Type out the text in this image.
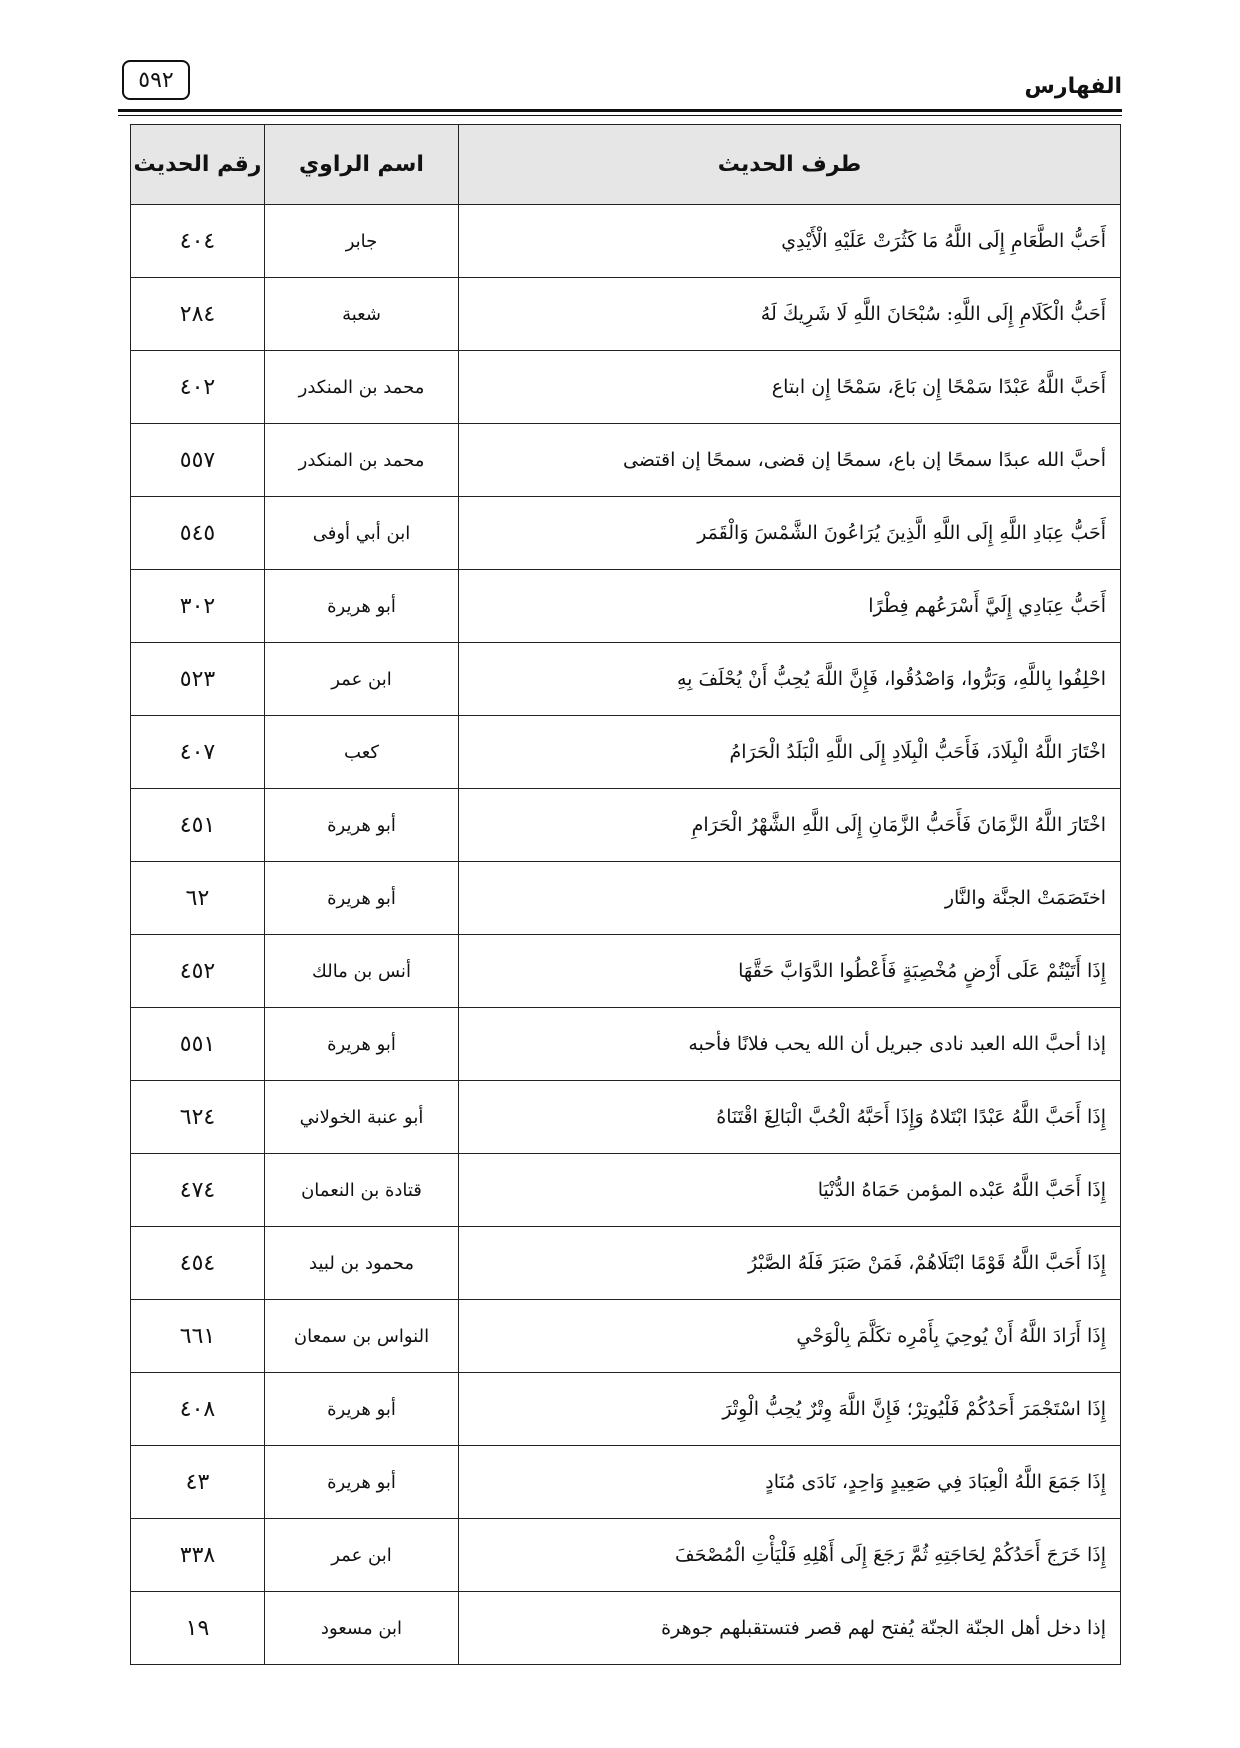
٥٩٢	الفهارس
طرف الحديث	اسم الراوي	رقم الحديث
أَحَبُّ الطَّعَامِ إِلَى اللَّهُ مَا كَثُرَتْ عَلَيْهِ الْأَيْدِي	جابر	٤٠٤
أَحَبُّ الْكَلَامِ إِلَى اللَّهِ: سُبْحَانَ اللَّهِ لَا شَرِيكَ لَهُ	شعبة	٢٨٤
أَحَبَّ اللَّهُ عَبْدًا سَمْحًا إِن بَاعَ، سَمْحًا إِن ابتاع	محمد بن المنكدر	٤٠٢
أحبَّ الله عبدًا سمحًا إن باع، سمحًا إن قضى، سمحًا إن اقتضى	محمد بن المنكدر	٥٥٧
أَحَبُّ عِبَادِ اللَّهِ إِلَى اللَّهِ الَّذِينَ يُرَاعُونَ الشَّمْسَ وَالْقَمَر	ابن أبي أوفى	٥٤٥
أَحَبُّ عِبَادِي إِلَيَّ أَسْرَعُهم فِطْرًا	أبو هريرة	٣٠٢
احْلِفُوا بِاللَّهِ، وَبَرُّوا، وَاصْدُقُوا، فَإِنَّ اللَّهَ يُحِبُّ أَنْ يُحْلَفَ بِهِ	ابن عمر	٥٢٣
اخْتَارَ اللَّهُ الْبِلَادَ، فَأَحَبُّ الْبِلَادِ إِلَى اللَّهِ الْبَلَدُ الْحَرَامُ	كعب	٤٠٧
اخْتَارَ اللَّهُ الزَّمَانَ فَأَحَبُّ الزَّمَانِ إِلَى اللَّهِ الشَّهْرُ الْحَرَامِ	أبو هريرة	٤٥١
اختَصَمَتْ الجنَّة والنَّار	أبو هريرة	٦٢
إِذَا أَتَيْتُمْ عَلَى أَرْضٍ مُخْصِبَةٍ فَأَعْطُوا الدَّوَابَّ حَقَّهَا	أنس بن مالك	٤٥٢
إذا أحبَّ الله العبد نادى جبريل أن الله يحب فلانًا فأحبه	أبو هريرة	٥٥١
إِذَا أَحَبَّ اللَّهُ عَبْدًا ابْتَلاهُ وَإِذَا أَحَبَّهُ الْحُبَّ الْبَالِغَ اقْتَنَاهُ	أبو عنبة الخولاني	٦٢٤
إِذَا أَحَبَّ اللَّهُ عَبْده المؤمن حَمَاهُ الدُّنْيَا	قتادة بن النعمان	٤٧٤
إِذَا أَحَبَّ اللَّهُ قَوْمًا ابْتَلَاهُمْ، فَمَنْ صَبَرَ فَلَهُ الصَّبْرُ	محمود بن لبيد	٤٥٤
إِذَا أَرَادَ اللَّهُ أَنْ يُوحِيَ بِأَمْرِه تكَلَّمَ بِالْوَحْيِ	النواس بن سمعان	٦٦١
إِذَا اسْتَجْمَرَ أَحَدُكُمْ فَلْيُوتِرْ؛ فَإِنَّ اللَّهَ وِتْرٌ يُحِبُّ الْوِتْرَ	أبو هريرة	٤٠٨
إِذَا جَمَعَ اللَّهُ الْعِبَادَ فِي صَعِيدٍ وَاحِدٍ، نَادَى مُنَادٍ	أبو هريرة	٤٣
إِذَا خَرَجَ أَحَدُكُمْ لِحَاجَتِهِ ثُمَّ رَجَعَ إِلَى أَهْلِهِ فَلْيَأْتِ الْمُصْحَفَ	ابن عمر	٣٣٨
إذا دخل أهل الجنّة الجنّة يُفتح لهم قصر فتستقبلهم جوهرة	ابن مسعود	١٩
